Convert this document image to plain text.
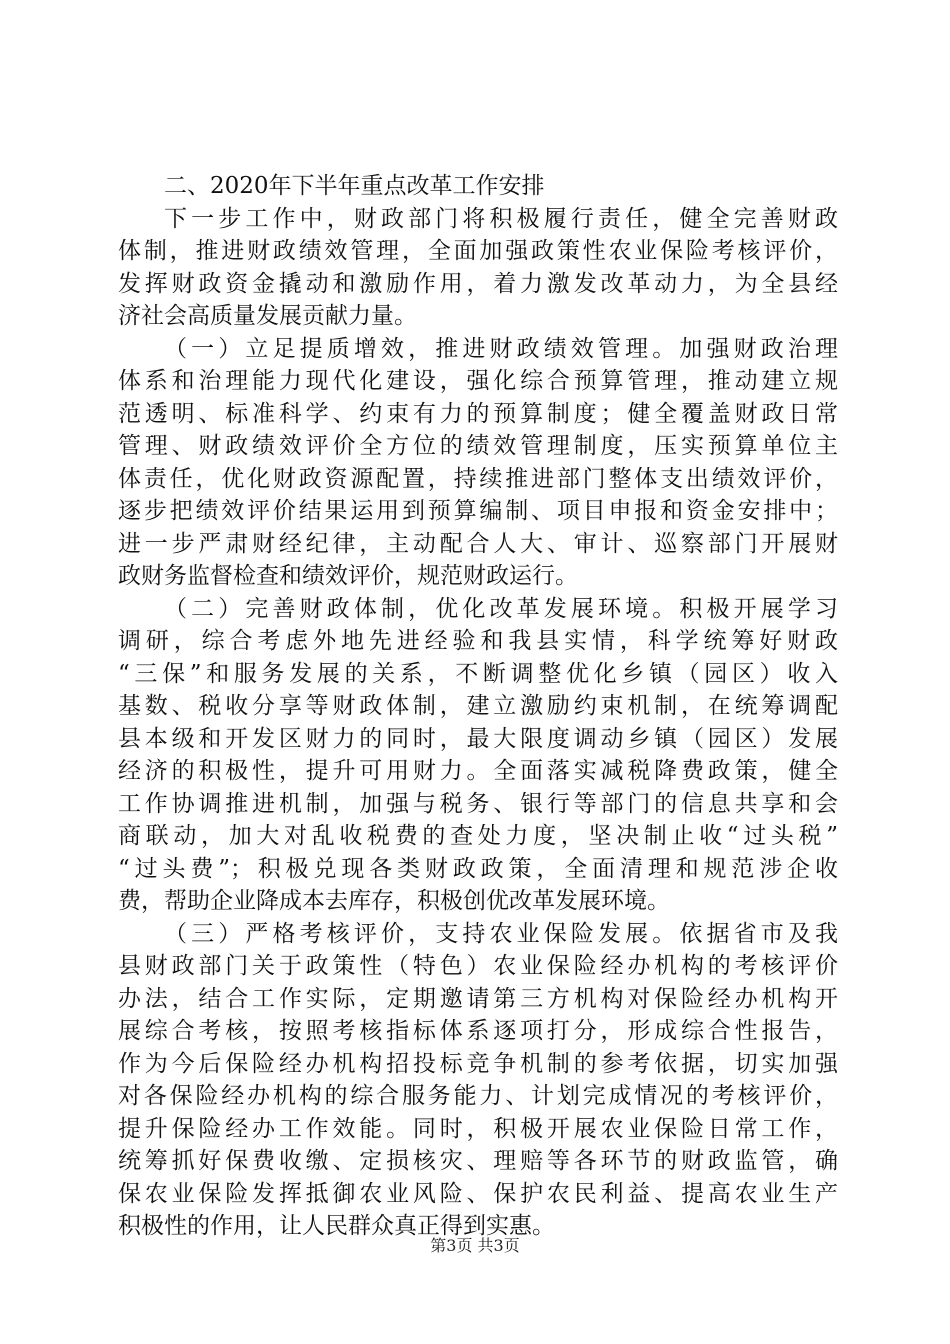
二、2020年下半年重点改革工作安排
下一步工作中，财政部门将积极履行责任，健全完善财政
体制，推进财政绩效管理，全面加强政策性农业保险考核评价，
发挥财政资金撬动和激励作用，着力激发改革动力，为全县经
济社会高质量发展贡献力量。
（一）立足提质增效，推进财政绩效管理。加强财政治理
体系和治理能力现代化建设，强化综合预算管理，推动建立规
范透明、标准科学、约束有力的预算制度；健全覆盖财政日常
管理、财政绩效评价全方位的绩效管理制度，压实预算单位主
体责任，优化财政资源配置，持续推进部门整体支出绩效评价，
逐步把绩效评价结果运用到预算编制、项目申报和资金安排中；
进一步严肃财经纪律，主动配合人大、审计、巡察部门开展财
政财务监督检查和绩效评价，规范财政运行。
（二）完善财政体制，优化改革发展环境。积极开展学习
调研，综合考虑外地先进经验和我县实情，科学统筹好财政
“三保”和服务发展的关系，不断调整优化乡镇（园区）收入
基数、税收分享等财政体制，建立激励约束机制，在统筹调配
县本级和开发区财力的同时，最大限度调动乡镇（园区）发展
经济的积极性，提升可用财力。全面落实减税降费政策，健全
工作协调推进机制，加强与税务、银行等部门的信息共享和会
商联动，加大对乱收税费的查处力度，坚决制止收“过头税”
“过头费”；积极兑现各类财政政策，全面清理和规范涉企收
费，帮助企业降成本去库存，积极创优改革发展环境。
（三）严格考核评价，支持农业保险发展。依据省市及我
县财政部门关于政策性（特色）农业保险经办机构的考核评价
办法，结合工作实际，定期邀请第三方机构对保险经办机构开
展综合考核，按照考核指标体系逐项打分，形成综合性报告，
作为今后保险经办机构招投标竞争机制的参考依据，切实加强
对各保险经办机构的综合服务能力、计划完成情况的考核评价，
提升保险经办工作效能。同时，积极开展农业保险日常工作，
统筹抓好保费收缴、定损核灾、理赔等各环节的财政监管，确
保农业保险发挥抵御农业风险、保护农民利益、提高农业生产
积极性的作用，让人民群众真正得到实惠。
第3页 共3页
